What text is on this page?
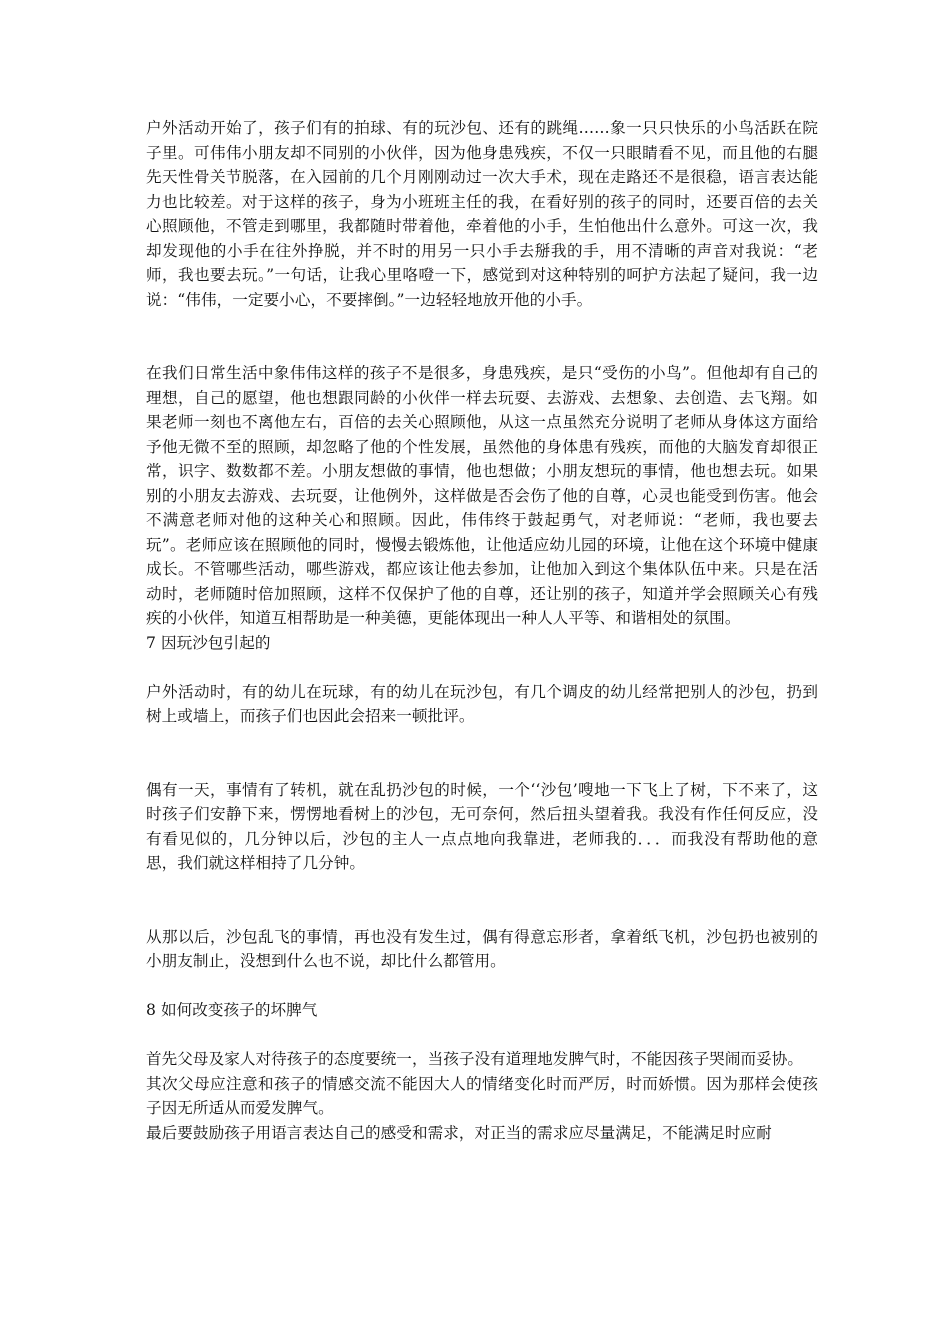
户外活动开始了，孩子们有的拍球、有的玩沙包、还有的跳绳……象一只只快乐的小鸟活跃在院子里。可伟伟小朋友却不同别的小伙伴，因为他身患残疾，不仅一只眼睛看不见，而且他的右腿先天性骨关节脱落，在入园前的几个月刚刚动过一次大手术，现在走路还不是很稳，语言表达能力也比较差。对于这样的孩子，身为小班班主任的我，在看好别的孩子的同时，还要百倍的去关心照顾他，不管走到哪里，我都随时带着他，牵着他的小手，生怕他出什么意外。可这一次，我却发现他的小手在往外挣脱，并不时的用另一只小手去掰我的手，用不清晰的声音对我说：“老师，我也要去玩。”一句话，让我心里咯噔一下，感觉到对这种特别的呵护方法起了疑问，我一边说：“伟伟，一定要小心，不要摔倒。”一边轻轻地放开他的小手。

在我们日常生活中象伟伟这样的孩子不是很多，身患残疾，是只“受伤的小鸟”。但他却有自己的理想，自己的愿望，他也想跟同龄的小伙伴一样去玩耍、去游戏、去想象、去创造、去飞翔。如果老师一刻也不离他左右，百倍的去关心照顾他，从这一点虽然充分说明了老师从身体这方面给予他无微不至的照顾，却忽略了他的个性发展，虽然他的身体患有残疾，而他的大脑发育却很正常，识字、数数都不差。小朋友想做的事情，他也想做；小朋友想玩的事情，他也想去玩。如果别的小朋友去游戏、去玩耍，让他例外，这样做是否会伤了他的自尊，心灵也能受到伤害。他会不满意老师对他的这种关心和照顾。因此，伟伟终于鼓起勇气，对老师说：“老师，我也要去玩”。老师应该在照顾他的同时，慢慢去锻炼他，让他适应幼儿园的环境，让他在这个环境中健康成长。不管哪些活动，哪些游戏，都应该让他去参加，让他加入到这个集体队伍中来。只是在活动时，老师随时倍加照顾，这样不仅保护了他的自尊，还让别的孩子，知道并学会照顾关心有残疾的小伙伴，知道互相帮助是一种美德，更能体现出一种人人平等、和谐相处的氛围。

7 因玩沙包引起的

户外活动时，有的幼儿在玩球，有的幼儿在玩沙包，有几个调皮的幼儿经常把别人的沙包，扔到树上或墙上，而孩子们也因此会招来一顿批评。

偶有一天，事情有了转机，就在乱扔沙包的时候，一个‘‘沙包’嗖地一下飞上了树，下不来了，这时孩子们安静下来，愣愣地看树上的沙包，无可奈何，然后扭头望着我。我没有作任何反应，没有看见似的，几分钟以后，沙包的主人一点点地向我靠进，老师我的．．．而我没有帮助他的意思，我们就这样相持了几分钟。

从那以后，沙包乱飞的事情，再也没有发生过，偶有得意忘形者，拿着纸飞机，沙包扔也被别的小朋友制止，没想到什么也不说，却比什么都管用。

8 如何改变孩子的坏脾气

首先父母及家人对待孩子的态度要统一，当孩子没有道理地发脾气时，不能因孩子哭闹而妥协。

其次父母应注意和孩子的情感交流不能因大人的情绪变化时而严厉，时而娇惯。因为那样会使孩子因无所适从而爱发脾气。

最后要鼓励孩子用语言表达自己的感受和需求，对正当的需求应尽量满足，不能满足时应耐
